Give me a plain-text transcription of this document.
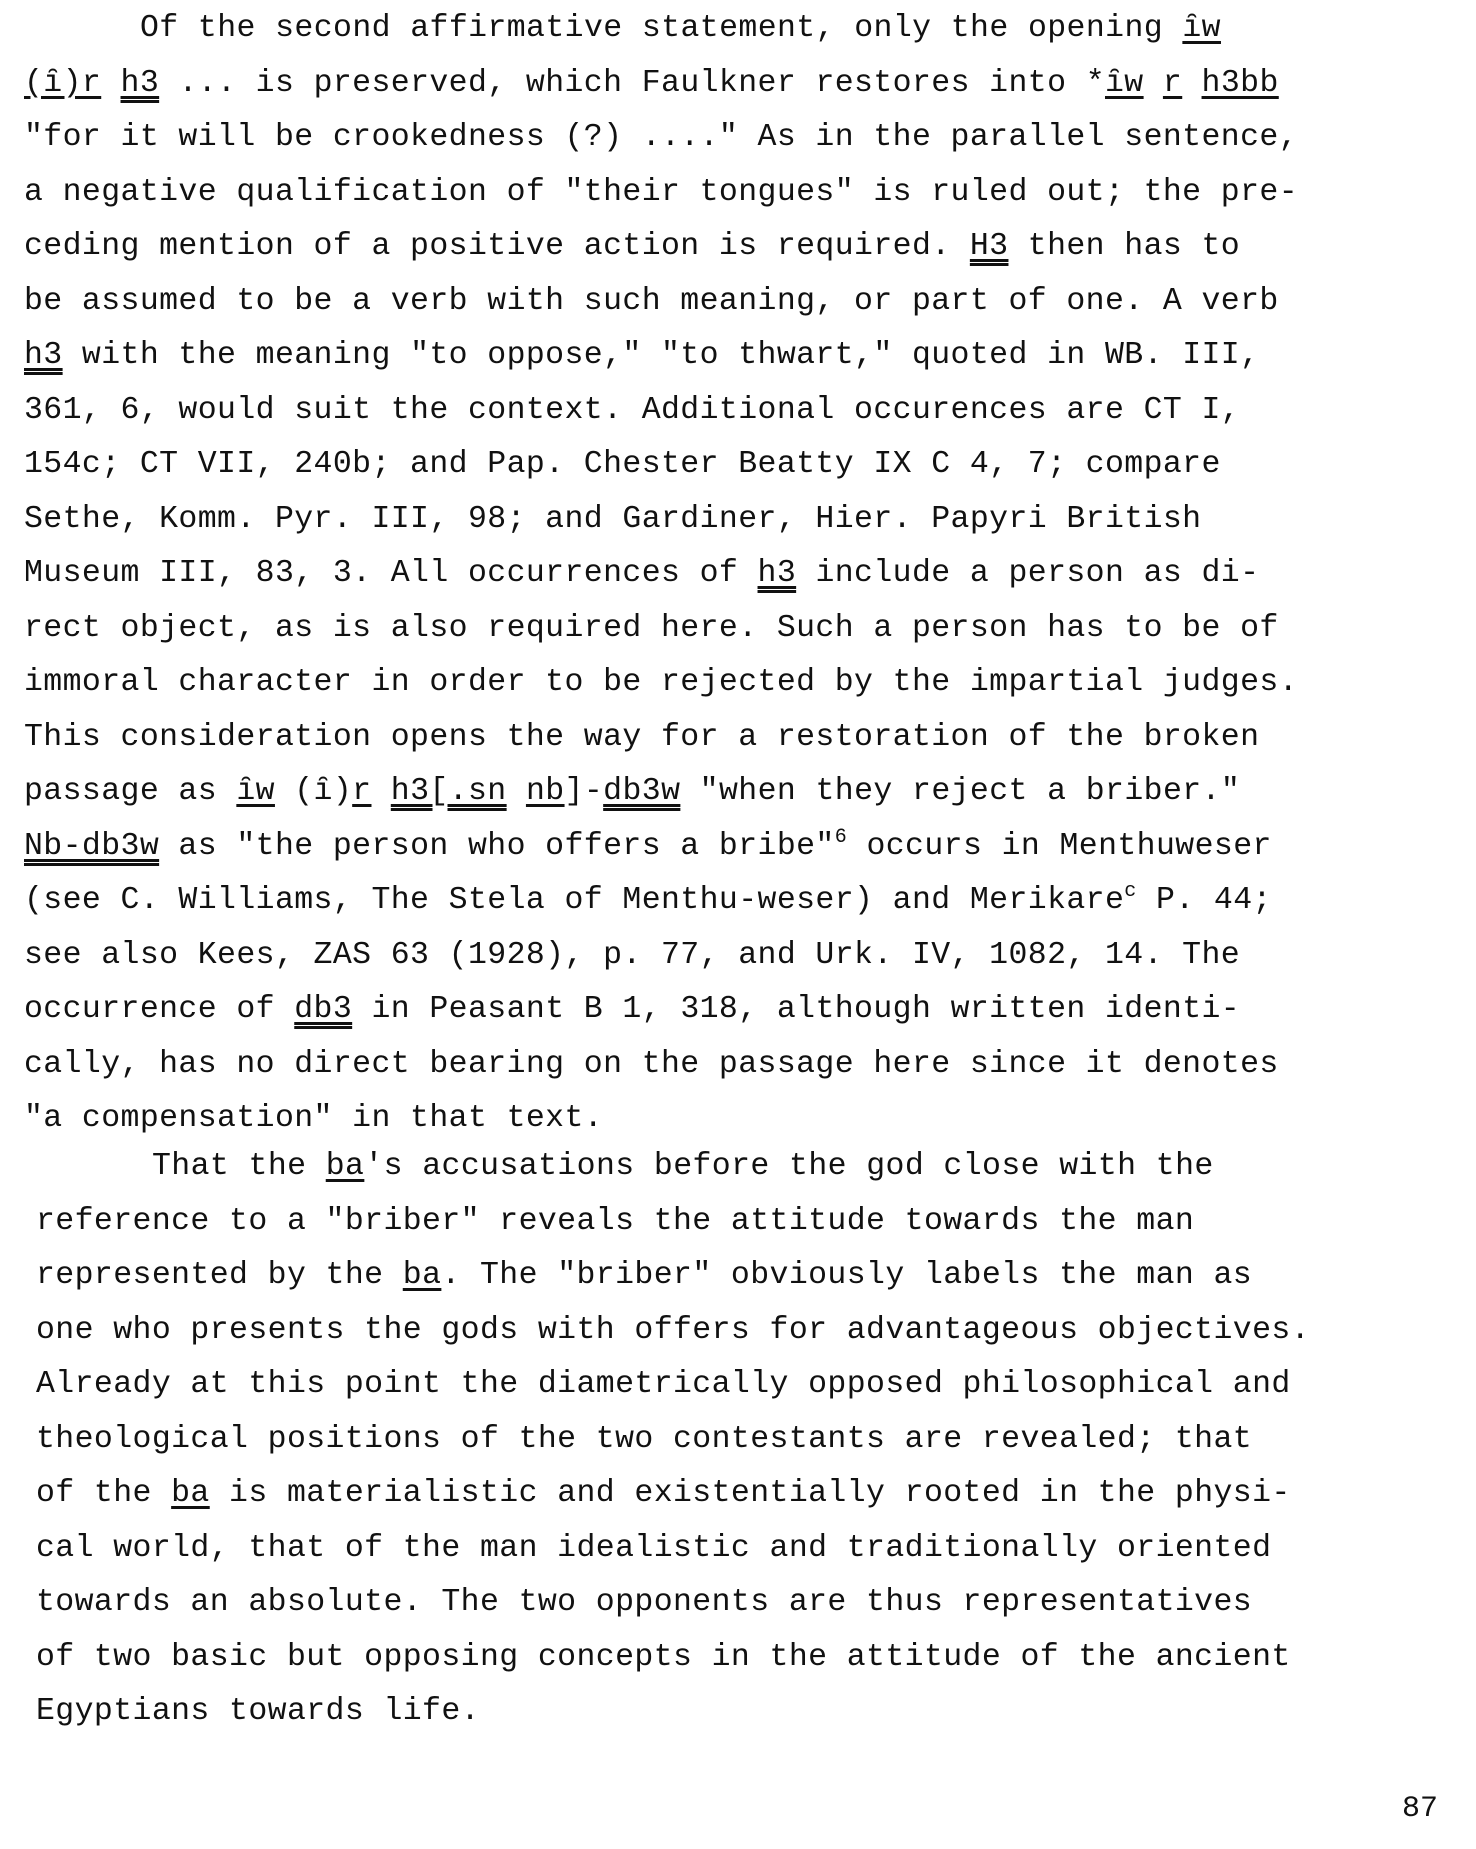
Of the second affirmative statement, only the opening ȋw
(ȋ)r h3 ... is preserved, which Faulkner restores into *ȋw r h3bb
"for it will be crookedness (?) ...." As in the parallel sentence,
a negative qualification of "their tongues" is ruled out; the pre-
ceding mention of a positive action is required. H3 then has to
be assumed to be a verb with such meaning, or part of one. A verb
h3 with the meaning "to oppose," "to thwart," quoted in WB. III,
361, 6, would suit the context. Additional occurences are CT I,
154c; CT VII, 240b; and Pap. Chester Beatty IX C 4, 7; compare
Sethe, Komm. Pyr. III, 98; and Gardiner, Hier. Papyri British
Museum III, 83, 3. All occurrences of h3 include a person as di-
rect object, as is also required here. Such a person has to be of
immoral character in order to be rejected by the impartial judges.
This consideration opens the way for a restoration of the broken
passage as ȋw (ȋ)r h3[.sn nb]-db3w "when they reject a briber."
Nb-db3w as "the person who offers a bribe"$^6$ occurs in Menthuweser
(see C. Williams, The Stela of Menthu-weser) and Merikare$^c$ P. 44;
see also Kees, ZAS 63 (1928), p. 77, and Urk. IV, 1082, 14. The
occurrence of db3 in Peasant B 1, 318, although written identi-
cally, has no direct bearing on the passage here since it denotes
"a compensation" in that text.
That the ba's accusations before the god close with the
reference to a "briber" reveals the attitude towards the man
represented by the ba. The "briber" obviously labels the man as
one who presents the gods with offers for advantageous objectives.
Already at this point the diametrically opposed philosophical and
theological positions of the two contestants are revealed; that
of the ba is materialistic and existentially rooted in the physi-
cal world, that of the man idealistic and traditionally oriented
towards an absolute. The two opponents are thus representatives
of two basic but opposing concepts in the attitude of the ancient
Egyptians towards life.
87
